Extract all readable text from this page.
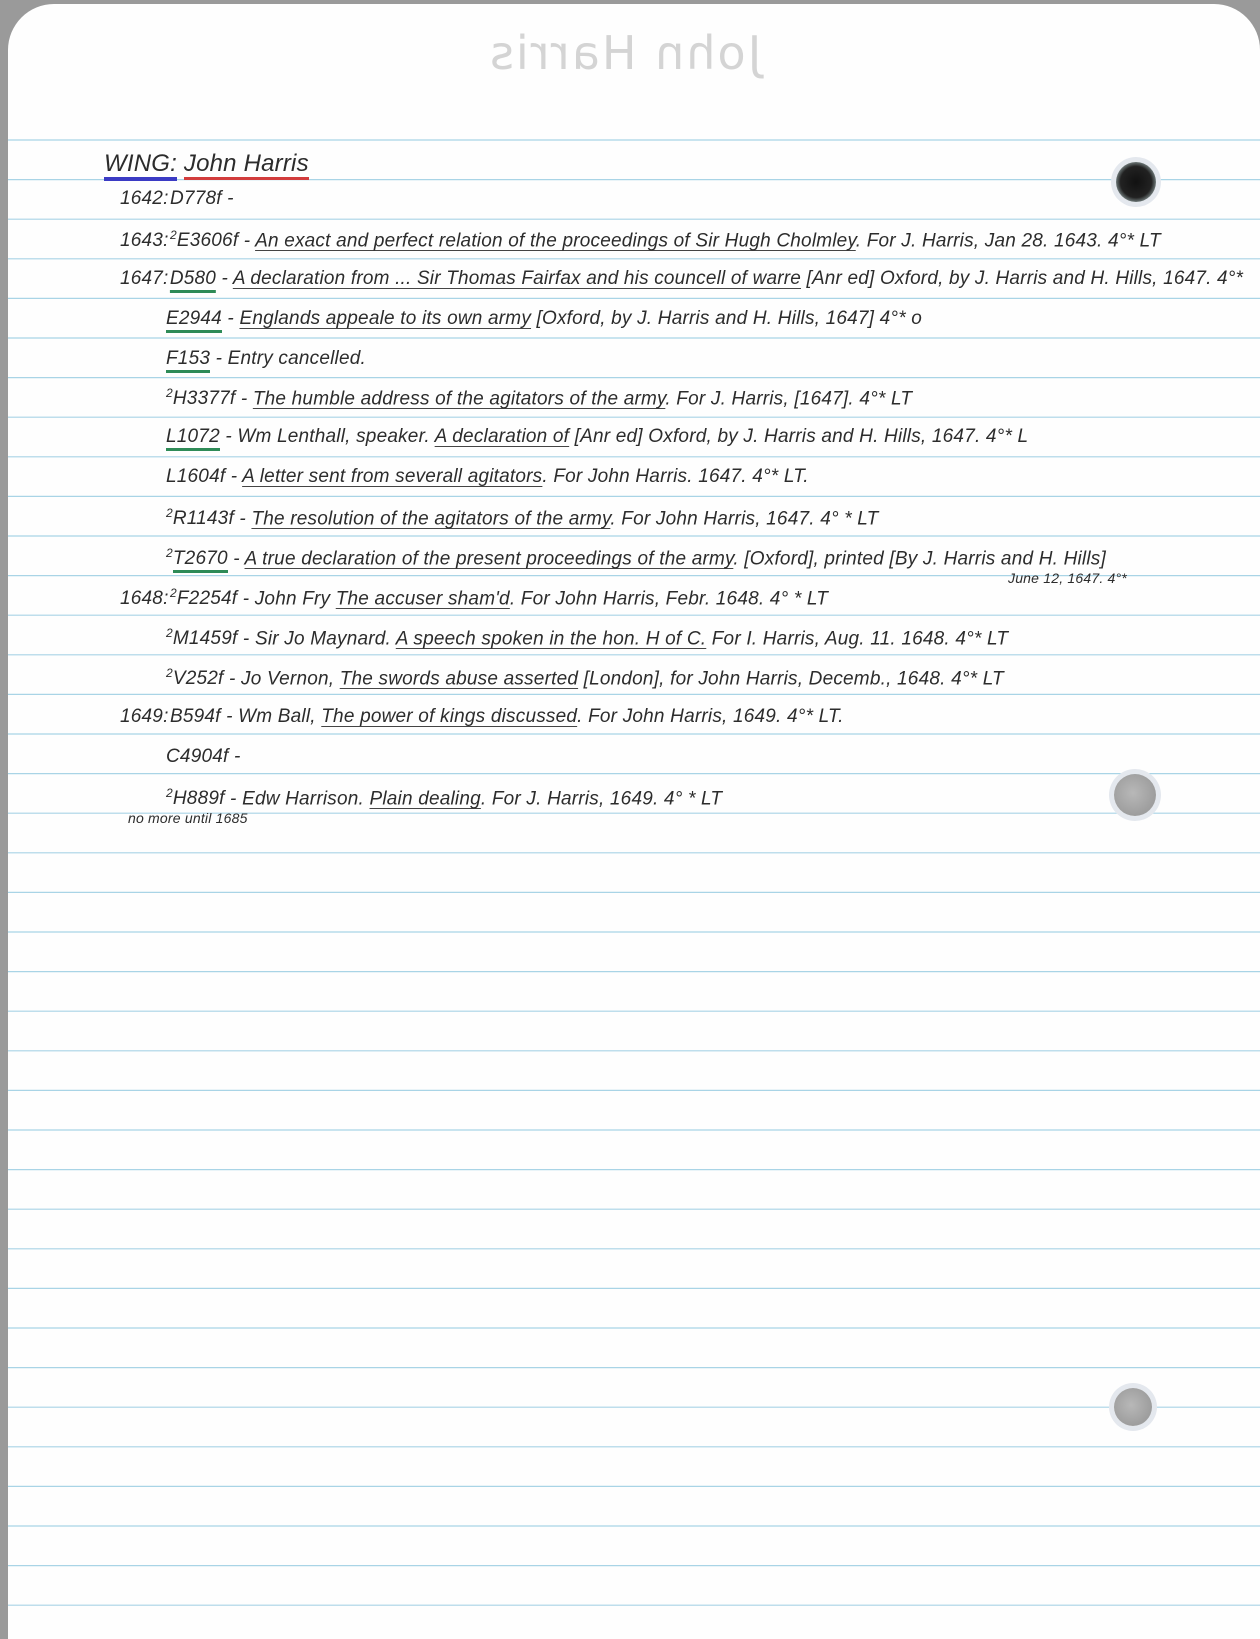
John Harris
WING: John Harris
1642:D778f -
1643:$^2$E3606f - An exact and perfect relation of the proceedings of Sir Hugh Cholmley. For J. Harris, Jan 28. 1643. 4°* LT
1647:D580 - A declaration from ... Sir Thomas Fairfax and his councell of warre [Anr ed] Oxford, by J. Harris and H. Hills, 1647. 4°*
E2944 - Englands appeale to its own army [Oxford, by J. Harris and H. Hills, 1647] 4°* o
F153 - Entry cancelled.
$^2$H3377f - The humble address of the agitators of the army. For J. Harris, [1647]. 4°* LT
L1072 - Wm Lenthall, speaker. A declaration of [Anr ed] Oxford, by J. Harris and H. Hills, 1647. 4°* L
L1604f - A letter sent from severall agitators. For John Harris. 1647. 4°* LT.
$^2$R1143f - The resolution of the agitators of the army. For John Harris, 1647. 4° * LT
$^2$T2670 - A true declaration of the present proceedings of the army. [Oxford], printed [By J. Harris and H. Hills]
1648:$^2$F2254f - John Fry The accuser sham'd. For John Harris, Febr. 1648. 4° * LT
$^2$M1459f - Sir Jo Maynard. A speech spoken in the hon. H of C. For I. Harris, Aug. 11. 1648. 4°* LT
$^2$V252f - Jo Vernon, The swords abuse asserted [London], for John Harris, Decemb., 1648. 4°* LT
1649:B594f - Wm Ball, The power of kings discussed. For John Harris, 1649. 4°* LT.
C4904f -
$^2$H889f - Edw Harrison. Plain dealing. For J. Harris, 1649. 4° * LT
June 12, 1647. 4°*
no more until 1685
